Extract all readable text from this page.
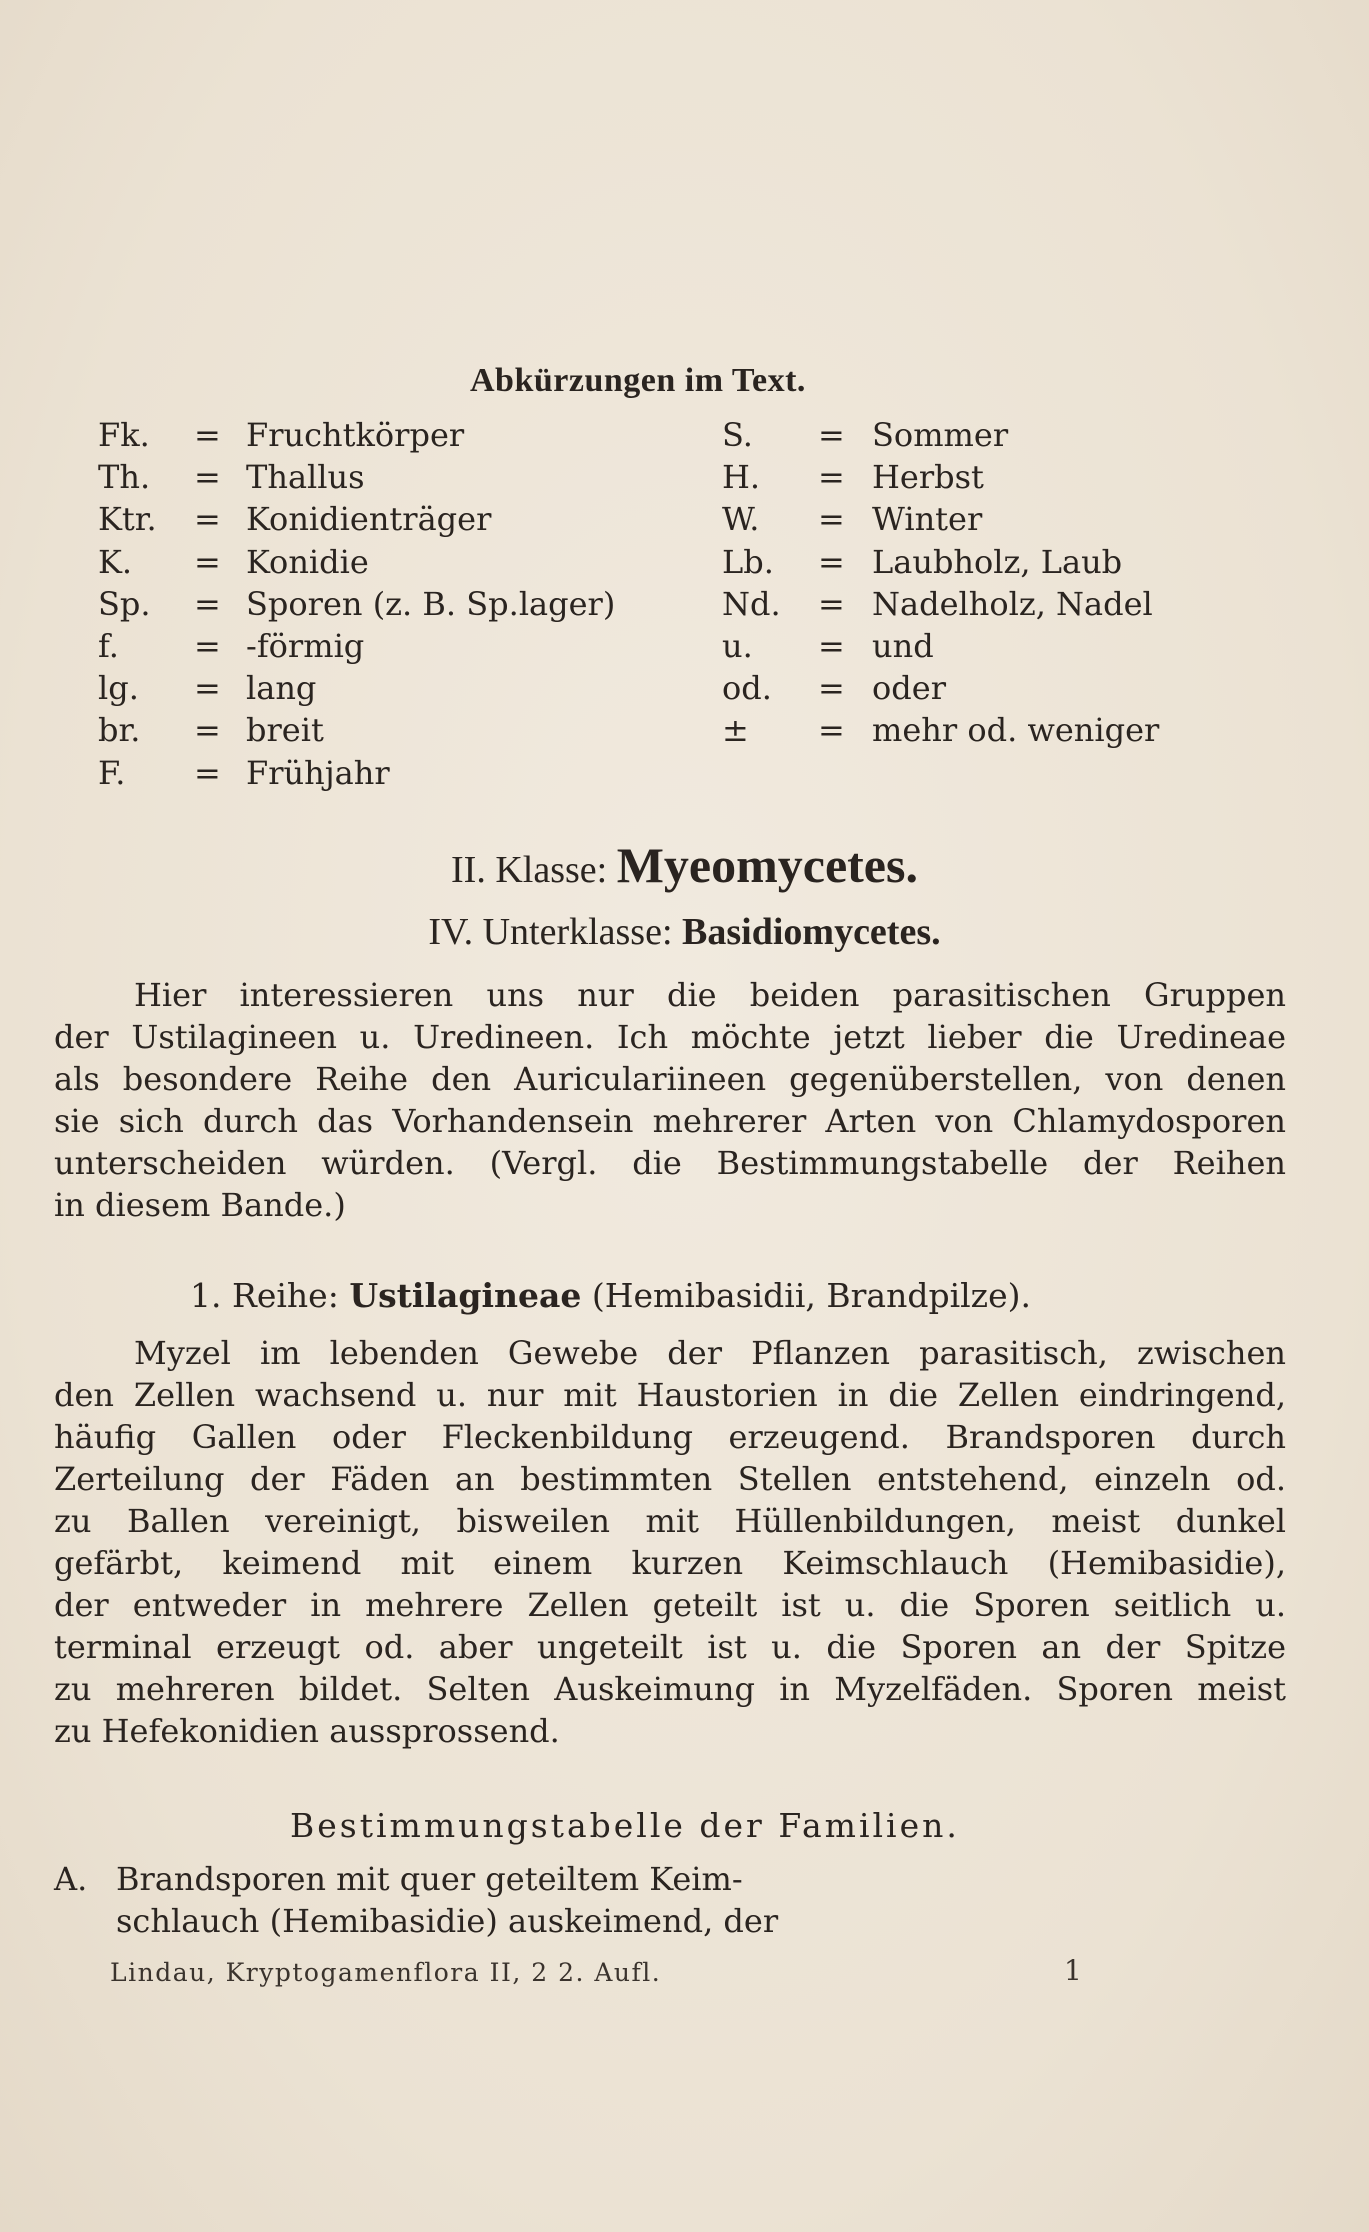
Abkürzungen im Text.
Fk.	= Fruchtkörper
Th.	= Thallus
Ktr.	= Konidienträger
K.	= Konidie
Sp.	= Sporen (z. B. Sp.lager)
f.	= -förmig
lg.	= lang
br.	= breit
F.	= Frühjahr
S.	= Sommer
H.	= Herbst
W.	= Winter
Lb.	= Laubholz, Laub
Nd.	= Nadelholz, Nadel
u.	= und
od.	= oder
±	= mehr od. weniger
II. Klasse: Myeomycetes.
IV. Unterklasse: Basidiomycetes.
Hier interessieren uns nur die beiden parasitischen Gruppen
der Ustilagineen u. Uredineen. Ich möchte jetzt lieber die Uredineae
als besondere Reihe den Auriculariineen gegenüberstellen, von denen
sie sich durch das Vorhandensein mehrerer Arten von Chlamydosporen
unterscheiden würden. (Vergl. die Bestimmungstabelle der Reihen
in diesem Bande.)
1. Reihe: Ustilagineae (Hemibasidii, Brandpilze).
Myzel im lebenden Gewebe der Pflanzen parasitisch, zwischen
den Zellen wachsend u. nur mit Haustorien in die Zellen eindringend,
häufig Gallen oder Fleckenbildung erzeugend. Brandsporen durch
Zerteilung der Fäden an bestimmten Stellen entstehend, einzeln od.
zu Ballen vereinigt, bisweilen mit Hüllenbildungen, meist dunkel
gefärbt, keimend mit einem kurzen Keimschlauch (Hemibasidie),
der entweder in mehrere Zellen geteilt ist u. die Sporen seitlich u.
terminal erzeugt od. aber ungeteilt ist u. die Sporen an der Spitze
zu mehreren bildet. Selten Auskeimung in Myzelfäden. Sporen meist
zu Hefekonidien aussprossend.
Bestimmungstabelle der Familien.
A. Brandsporen mit quer geteiltem Keim-
schlauch (Hemibasidie) auskeimend, der
Lindau, Kryptogamenflora II, 2 2. Aufl.	1
